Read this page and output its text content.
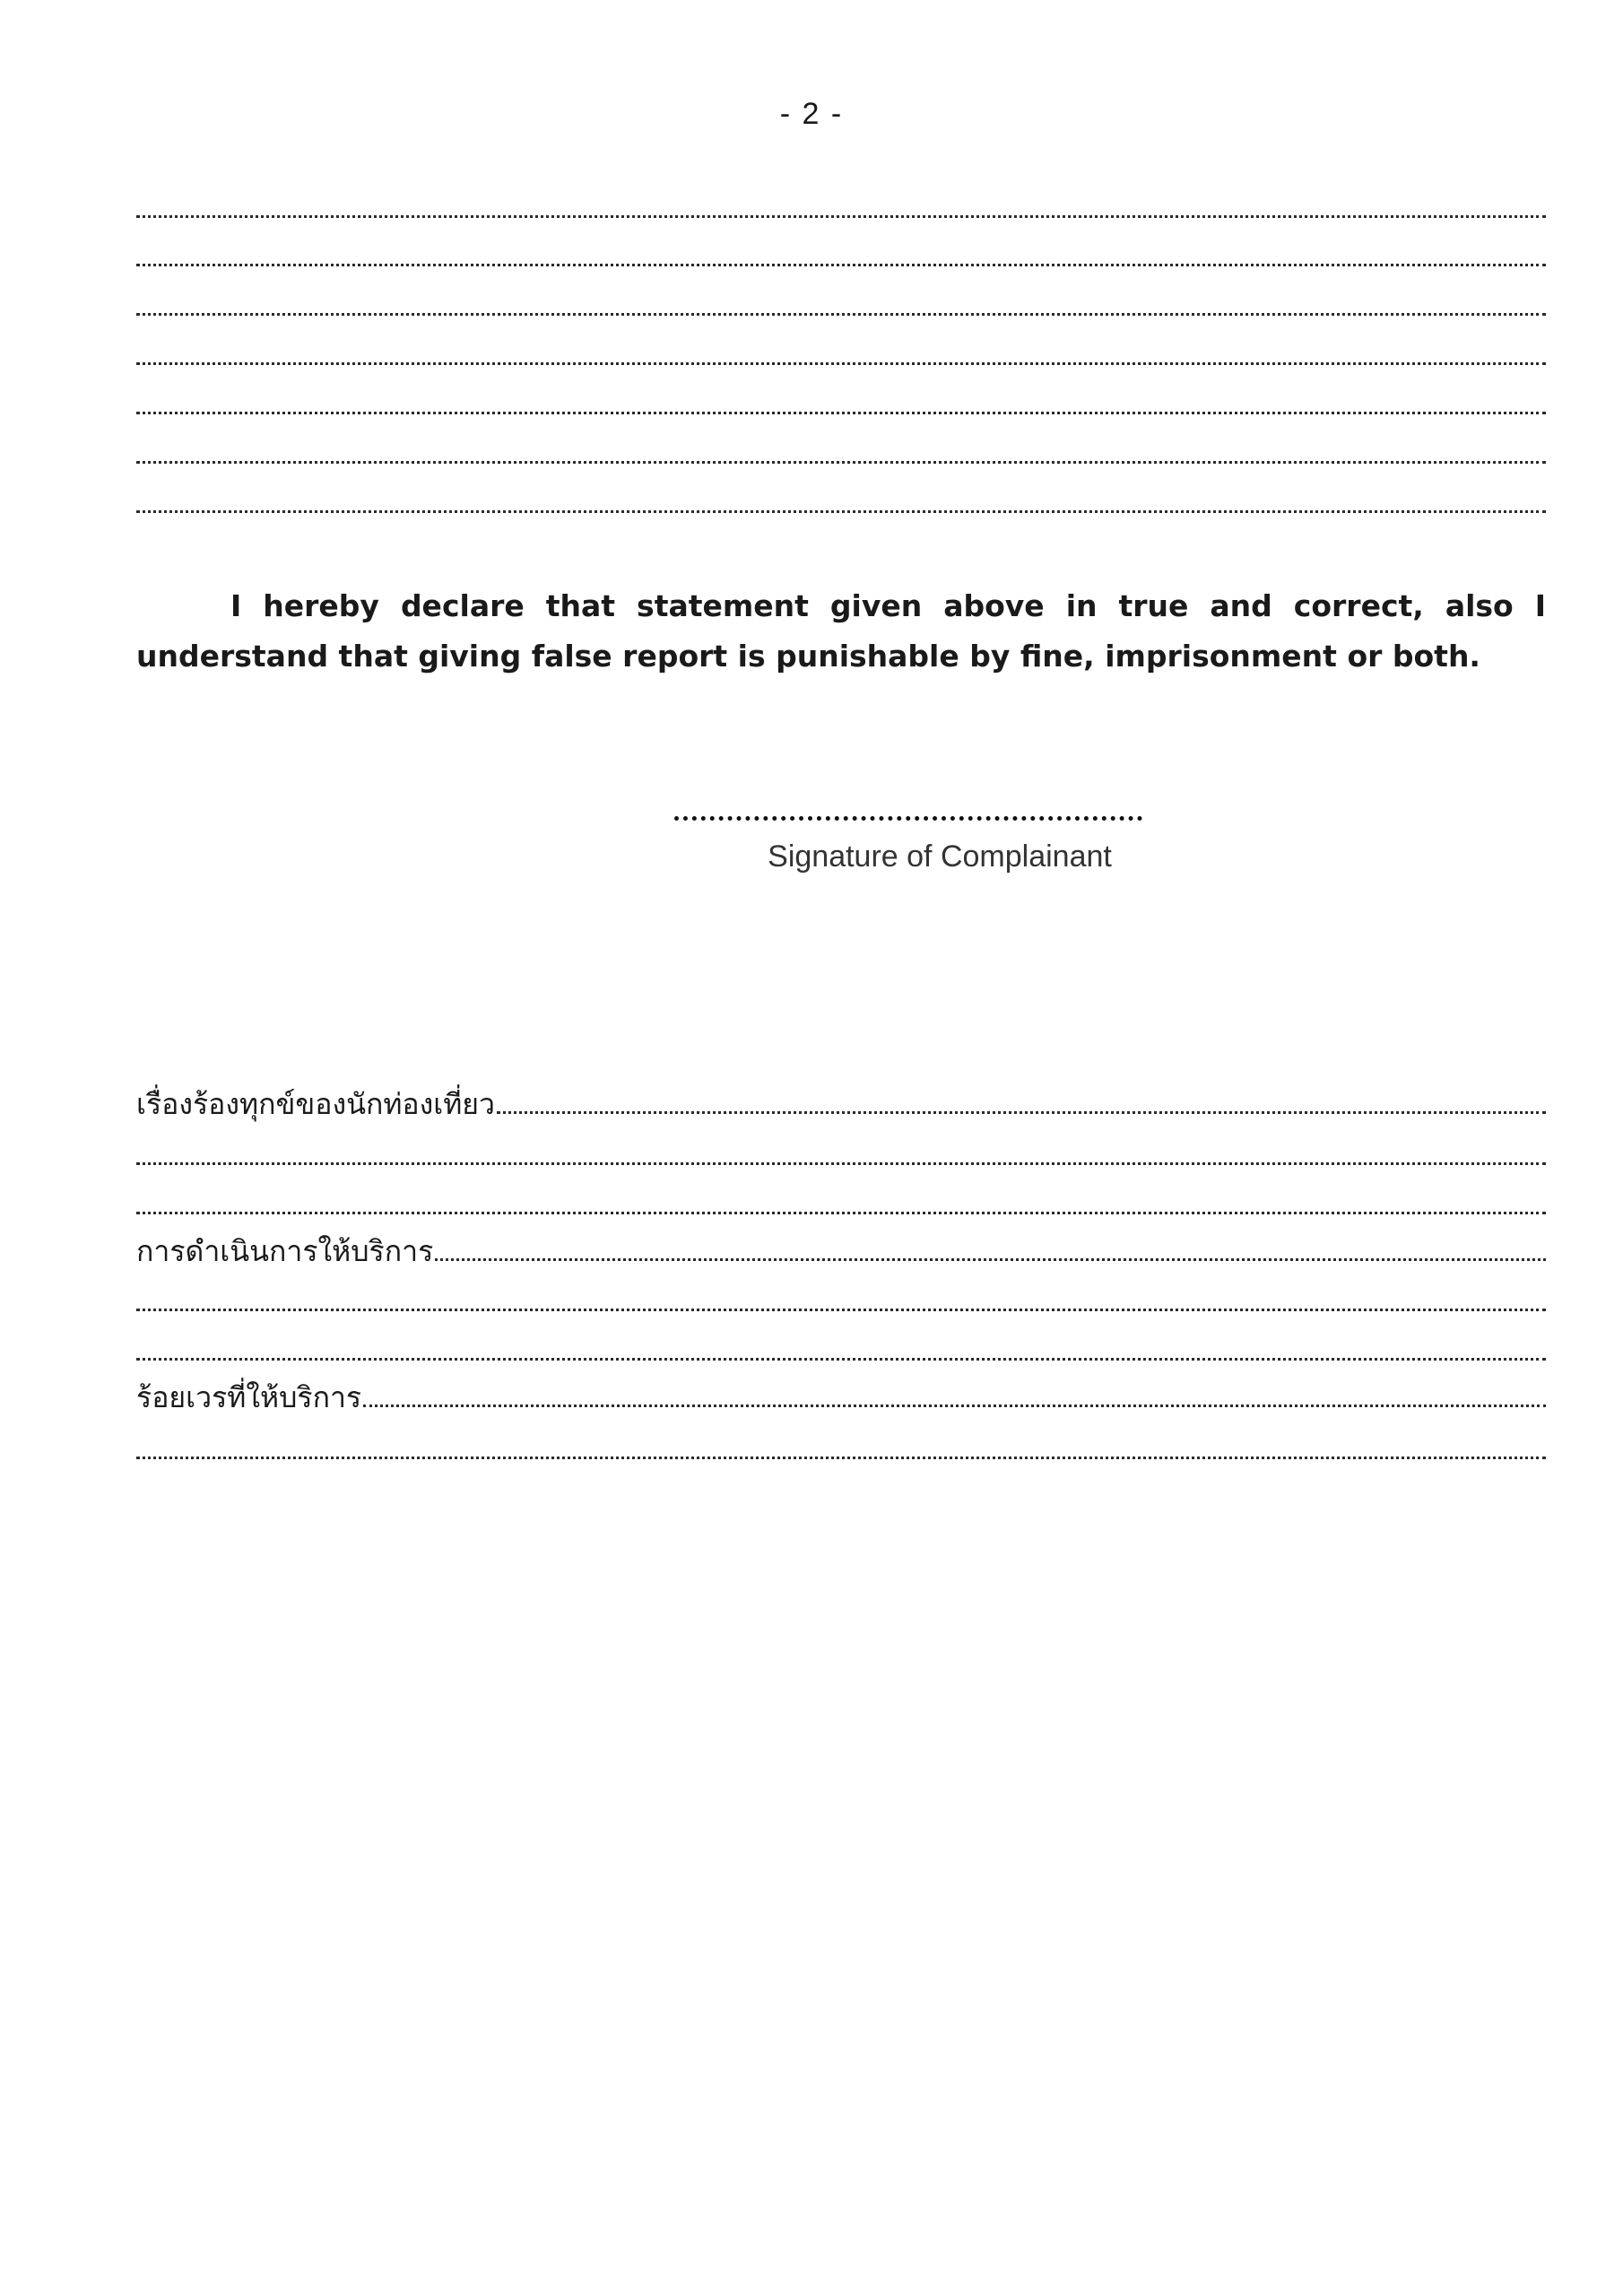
- 2 -

I hereby declare that statement given above in true and correct, also I understand that giving false report is punishable by fine, imprisonment or both.

Signature of Complainant
เรื่องร้องทุกข์ของนักท่องเที่ยว
การดำเนินการให้บริการ
ร้อยเวรที่ให้บริการ
